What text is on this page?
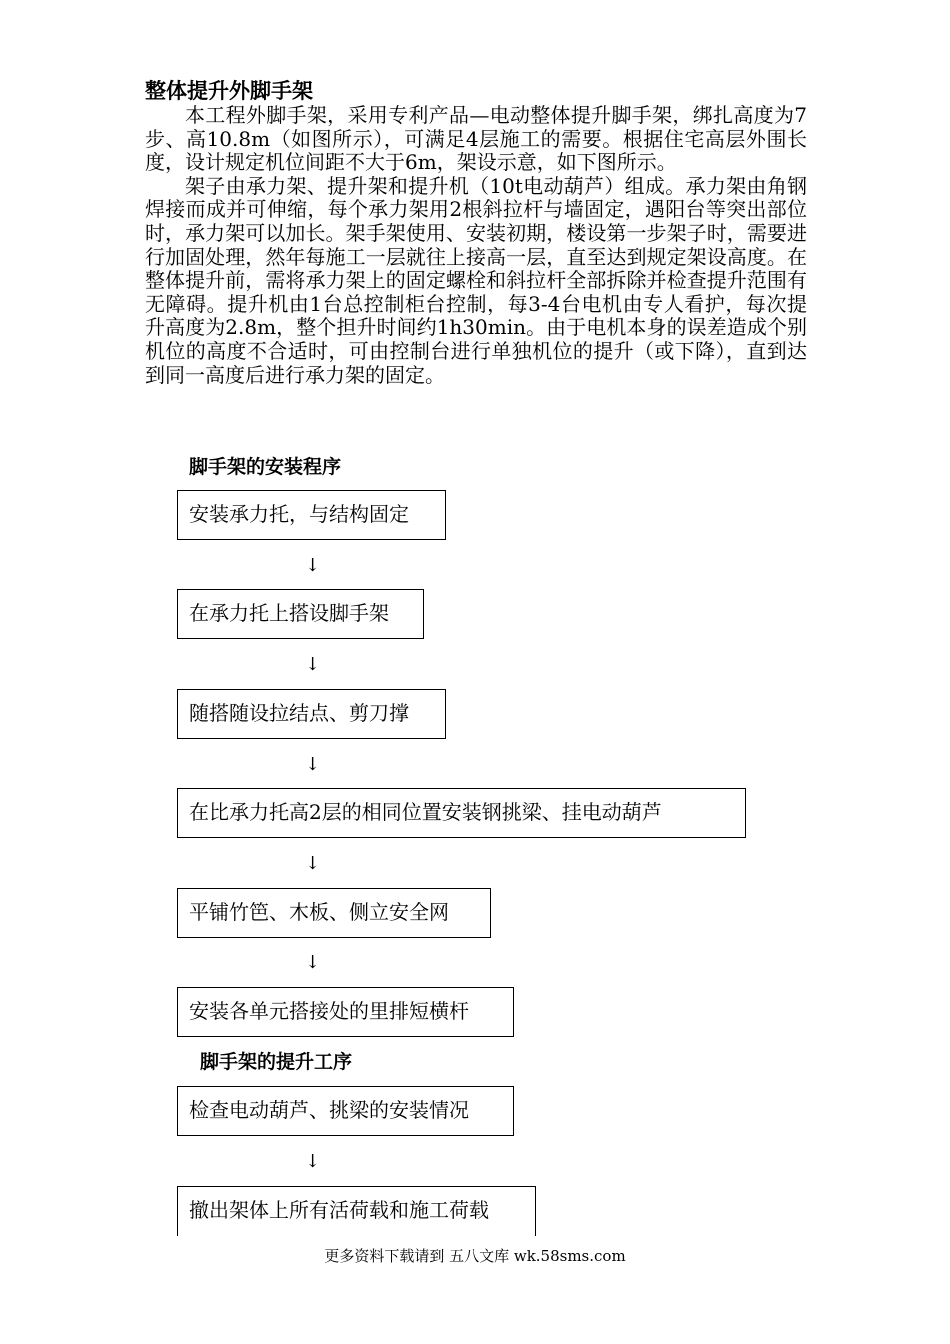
整体提升外脚手架

本工程外脚手架，采用专利产品—电动整体提升脚手架，绑扎高度为7步、高10.8m（如图所示），可满足4层施工的需要。根据住宅高层外围长度，设计规定机位间距不大于6m，架设示意，如下图所示。

架子由承力架、提升架和提升机（10t电动葫芦）组成。承力架由角钢焊接而成并可伸缩，每个承力架用2根斜拉杆与墙固定，遇阳台等突出部位时，承力架可以加长。架手架使用、安装初期，楼设第一步架子时，需要进行加固处理，然年每施工一层就往上接高一层，直至达到规定架设高度。在整体提升前，需将承力架上的固定螺栓和斜拉杆全部拆除并检查提升范围有无障碍。提升机由1台总控制柜台控制，每3-4台电机由专人看护，每次提升高度为2.8m，整个担升时间约1h30min。由于电机本身的误差造成个别机位的高度不合适时，可由控制台进行单独机位的提升（或下降），直到达到同一高度后进行承力架的固定。

脚手架的安装程序
安装承力托，与结构固定
↓
在承力托上搭设脚手架
↓
随搭随设拉结点、剪刀撑
↓
在比承力托高2层的相同位置安装钢挑梁、挂电动葫芦
↓
平铺竹笆、木板、侧立安全网
↓
安装各单元搭接处的里排短横杆
脚手架的提升工序
检查电动葫芦、挑梁的安装情况
↓
撤出架体上所有活荷载和施工荷载
更多资料下载请到 五八文库 wk.58sms.com
